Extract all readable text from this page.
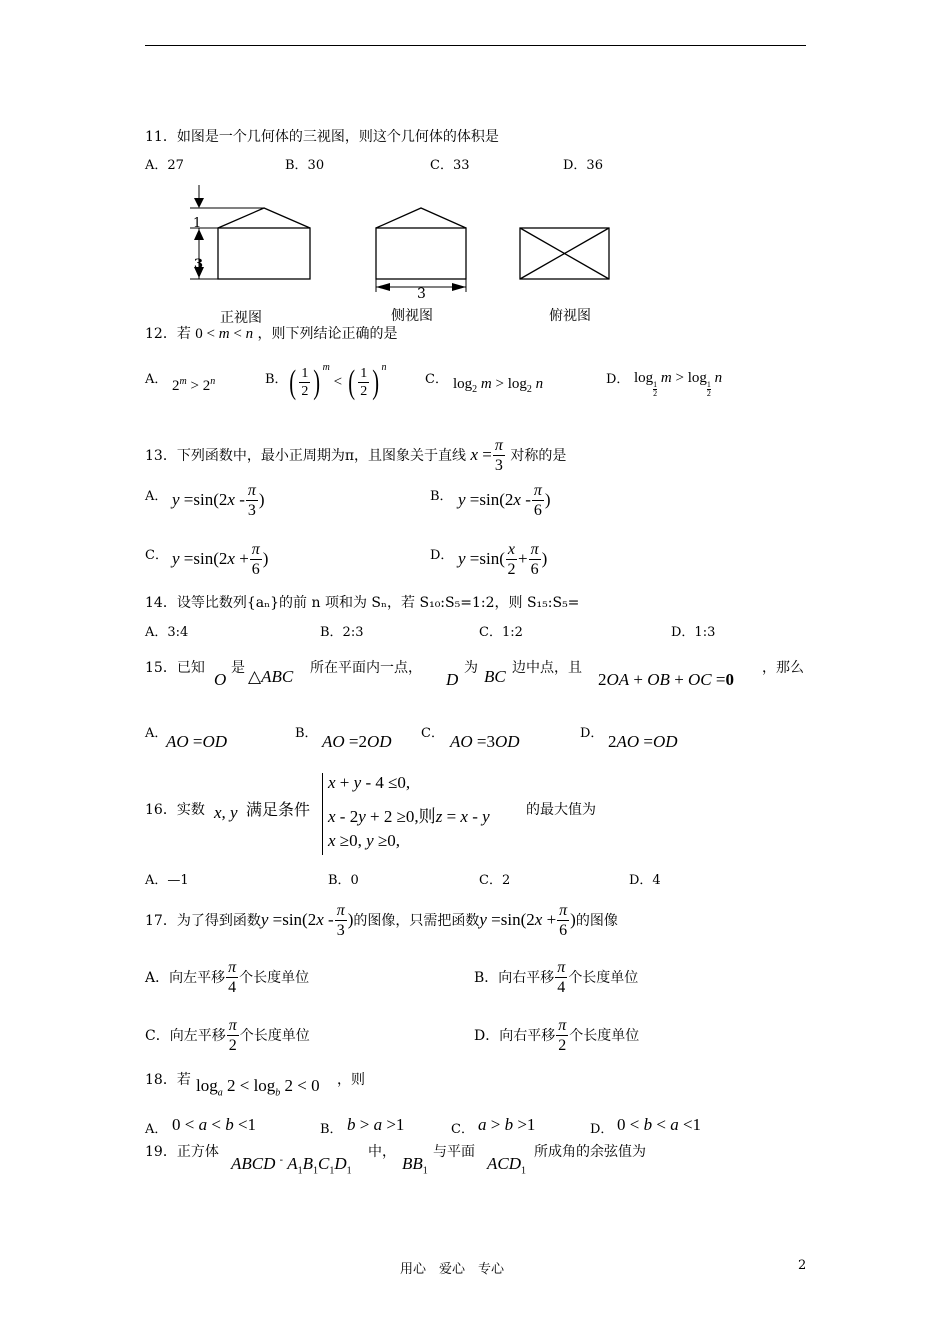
11．如图是一个几何体的三视图，则这个几何体的体积是
A．27	B．30	C．33	D．36
1
3
3
正视图	侧视图	俯视图
12．若 0 < m < n ，则下列结论正确的是
A． $2^m > 2^n$	B． ( $\frac{1}{2}$ ) $^m$ < ( $\frac{1}{2}$ ) $^n$
C． $\log_2 m > \log_2 n$	D． log 1
2 m > log 1
2 n
13．下列函数中，最小正周期为π，且图象关于直线 $x = \frac{\pi}{3}$ 对称的是
A． $y =\sin(2x - \frac{\pi}{3}$ )	B． $y =\sin(2x - \frac{\pi}{6}$ )
C． $y =\sin(2x + \frac{\pi}{6}$ )	D． $y =\sin( \frac{x}{2} + \frac{\pi}{6}$ )
14．设等比数列{aₙ}的前 n 项和为 Sₙ，若 S₁₀:S₅=1:2，则 S₁₅:S₅=
A．3:4	B．2:3	C．1:2	D．1:3
15．已知
O
是 △ABC 所在平面内一点，
D
为 BC 边中点，且
2OA + OB + OC =0
，那么
A．
AO =OD	B． AO =2OD C． AO =3OD	D． 2AO =OD
16．实数 x, y 满足条件
x + y - 4 ≤0,
x - 2y + 2 ≥0,则z = x - y
x ≥0, y ≥0,
的最大值为
A．—1	B．0	C．2	D．4
17．为了得到函数$y =\sin(2x - \frac{\pi}{3}$ )的图像，只需把函数$y =\sin(2x + \frac{\pi}{6}$ )的图像
A．向左平移 $\frac{\pi}{4}$ 个长度单位	B．向右平移 $\frac{\pi}{4}$ 个长度单位
C．向左平移 $\frac{\pi}{2}$ 个长度单位	D．向右平移 $\frac{\pi}{2}$ 个长度单位
18．若 $\log_a 2 < \log_b 2 < 0$ ，则
A． 0 < a < b <1	B． b > a >1	C． a > b >1	D． 0 < b < a <1
19．正方体
ABCD - $A_1B_1C_1D_1$
中，
$BB_1$
与平面
$ACD_1$
所成角的余弦值为
用心　爱心　专心	2
